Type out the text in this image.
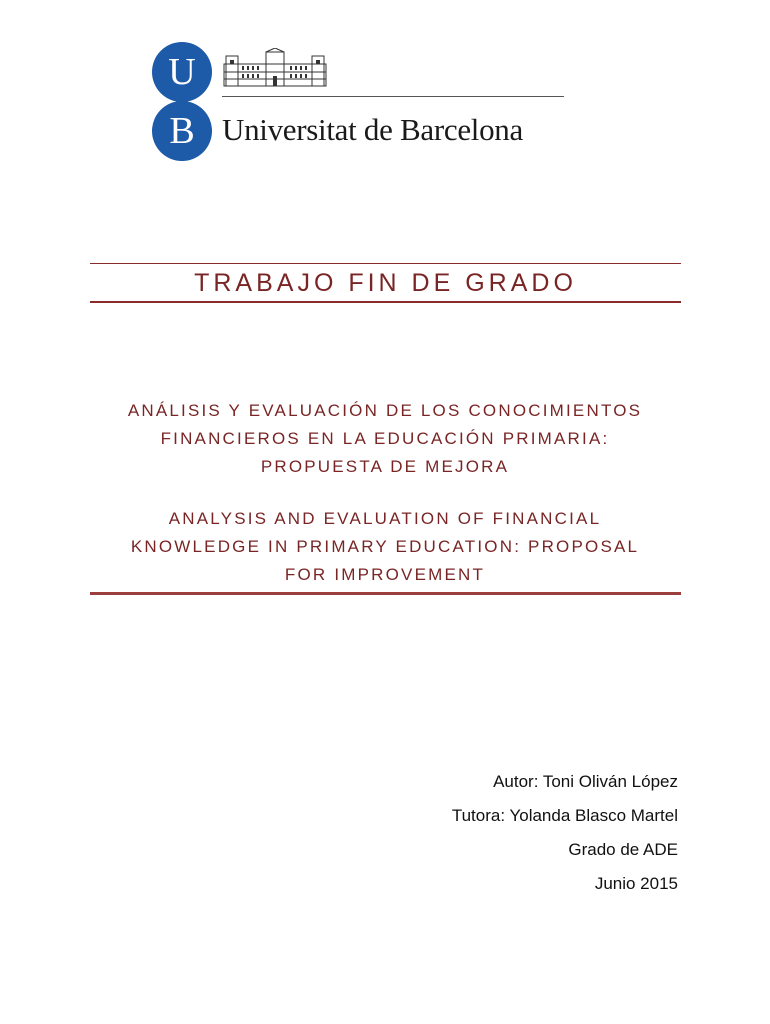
U
B Universitat de Barcelona
TRABAJO FIN DE GRADO
ANÁLISIS Y EVALUACIÓN DE LOS CONOCIMIENTOS
FINANCIEROS EN LA EDUCACIÓN PRIMARIA:
PROPUESTA DE MEJORA
ANALYSIS AND EVALUATION OF FINANCIAL
KNOWLEDGE IN PRIMARY EDUCATION: PROPOSAL
FOR IMPROVEMENT
Autor: Toni Oliván López
Tutora: Yolanda Blasco Martel
Grado de ADE
Junio 2015
